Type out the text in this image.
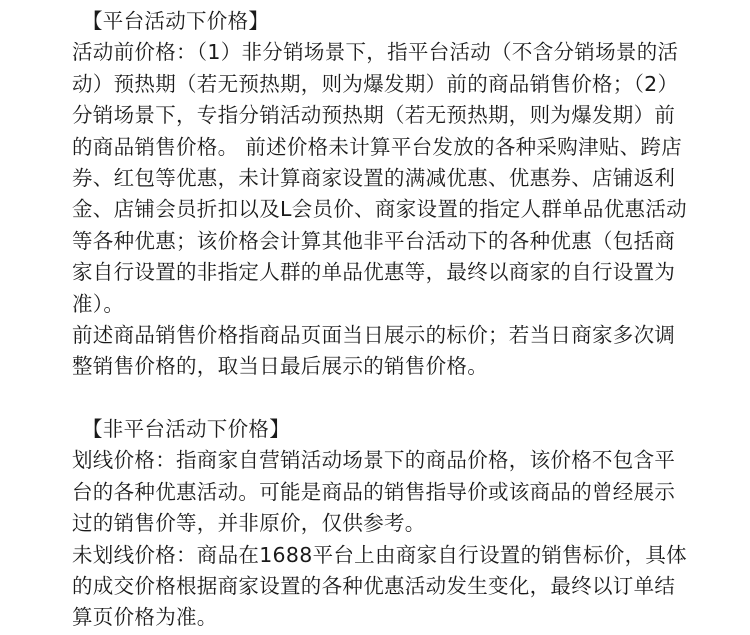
【平台活动下价格】
活动前价格：（1）非分销场景下，指平台活动（不含分销场景的活
动）预热期（若无预热期，则为爆发期）前的商品销售价格；（2）
分销场景下，专指分销活动预热期（若无预热期，则为爆发期）前
的商品销售价格。 前述价格未计算平台发放的各种采购津贴、跨店
券、红包等优惠，未计算商家设置的满减优惠、优惠券、店铺返利
金、店铺会员折扣以及L会员价、商家设置的指定人群单品优惠活动
等各种优惠；该价格会计算其他非平台活动下的各种优惠（包括商
家自行设置的非指定人群的单品优惠等，最终以商家的自行设置为
准）。
前述商品销售价格指商品页面当日展示的标价；若当日商家多次调
整销售价格的，取当日最后展示的销售价格。
【非平台活动下价格】
划线价格：指商家自营销活动场景下的商品价格，该价格不包含平
台的各种优惠活动。可能是商品的销售指导价或该商品的曾经展示
过的销售价等，并非原价，仅供参考。
未划线价格：商品在1688平台上由商家自行设置的销售标价，具体
的成交价格根据商家设置的各种优惠活动发生变化，最终以订单结
算页价格为准。
